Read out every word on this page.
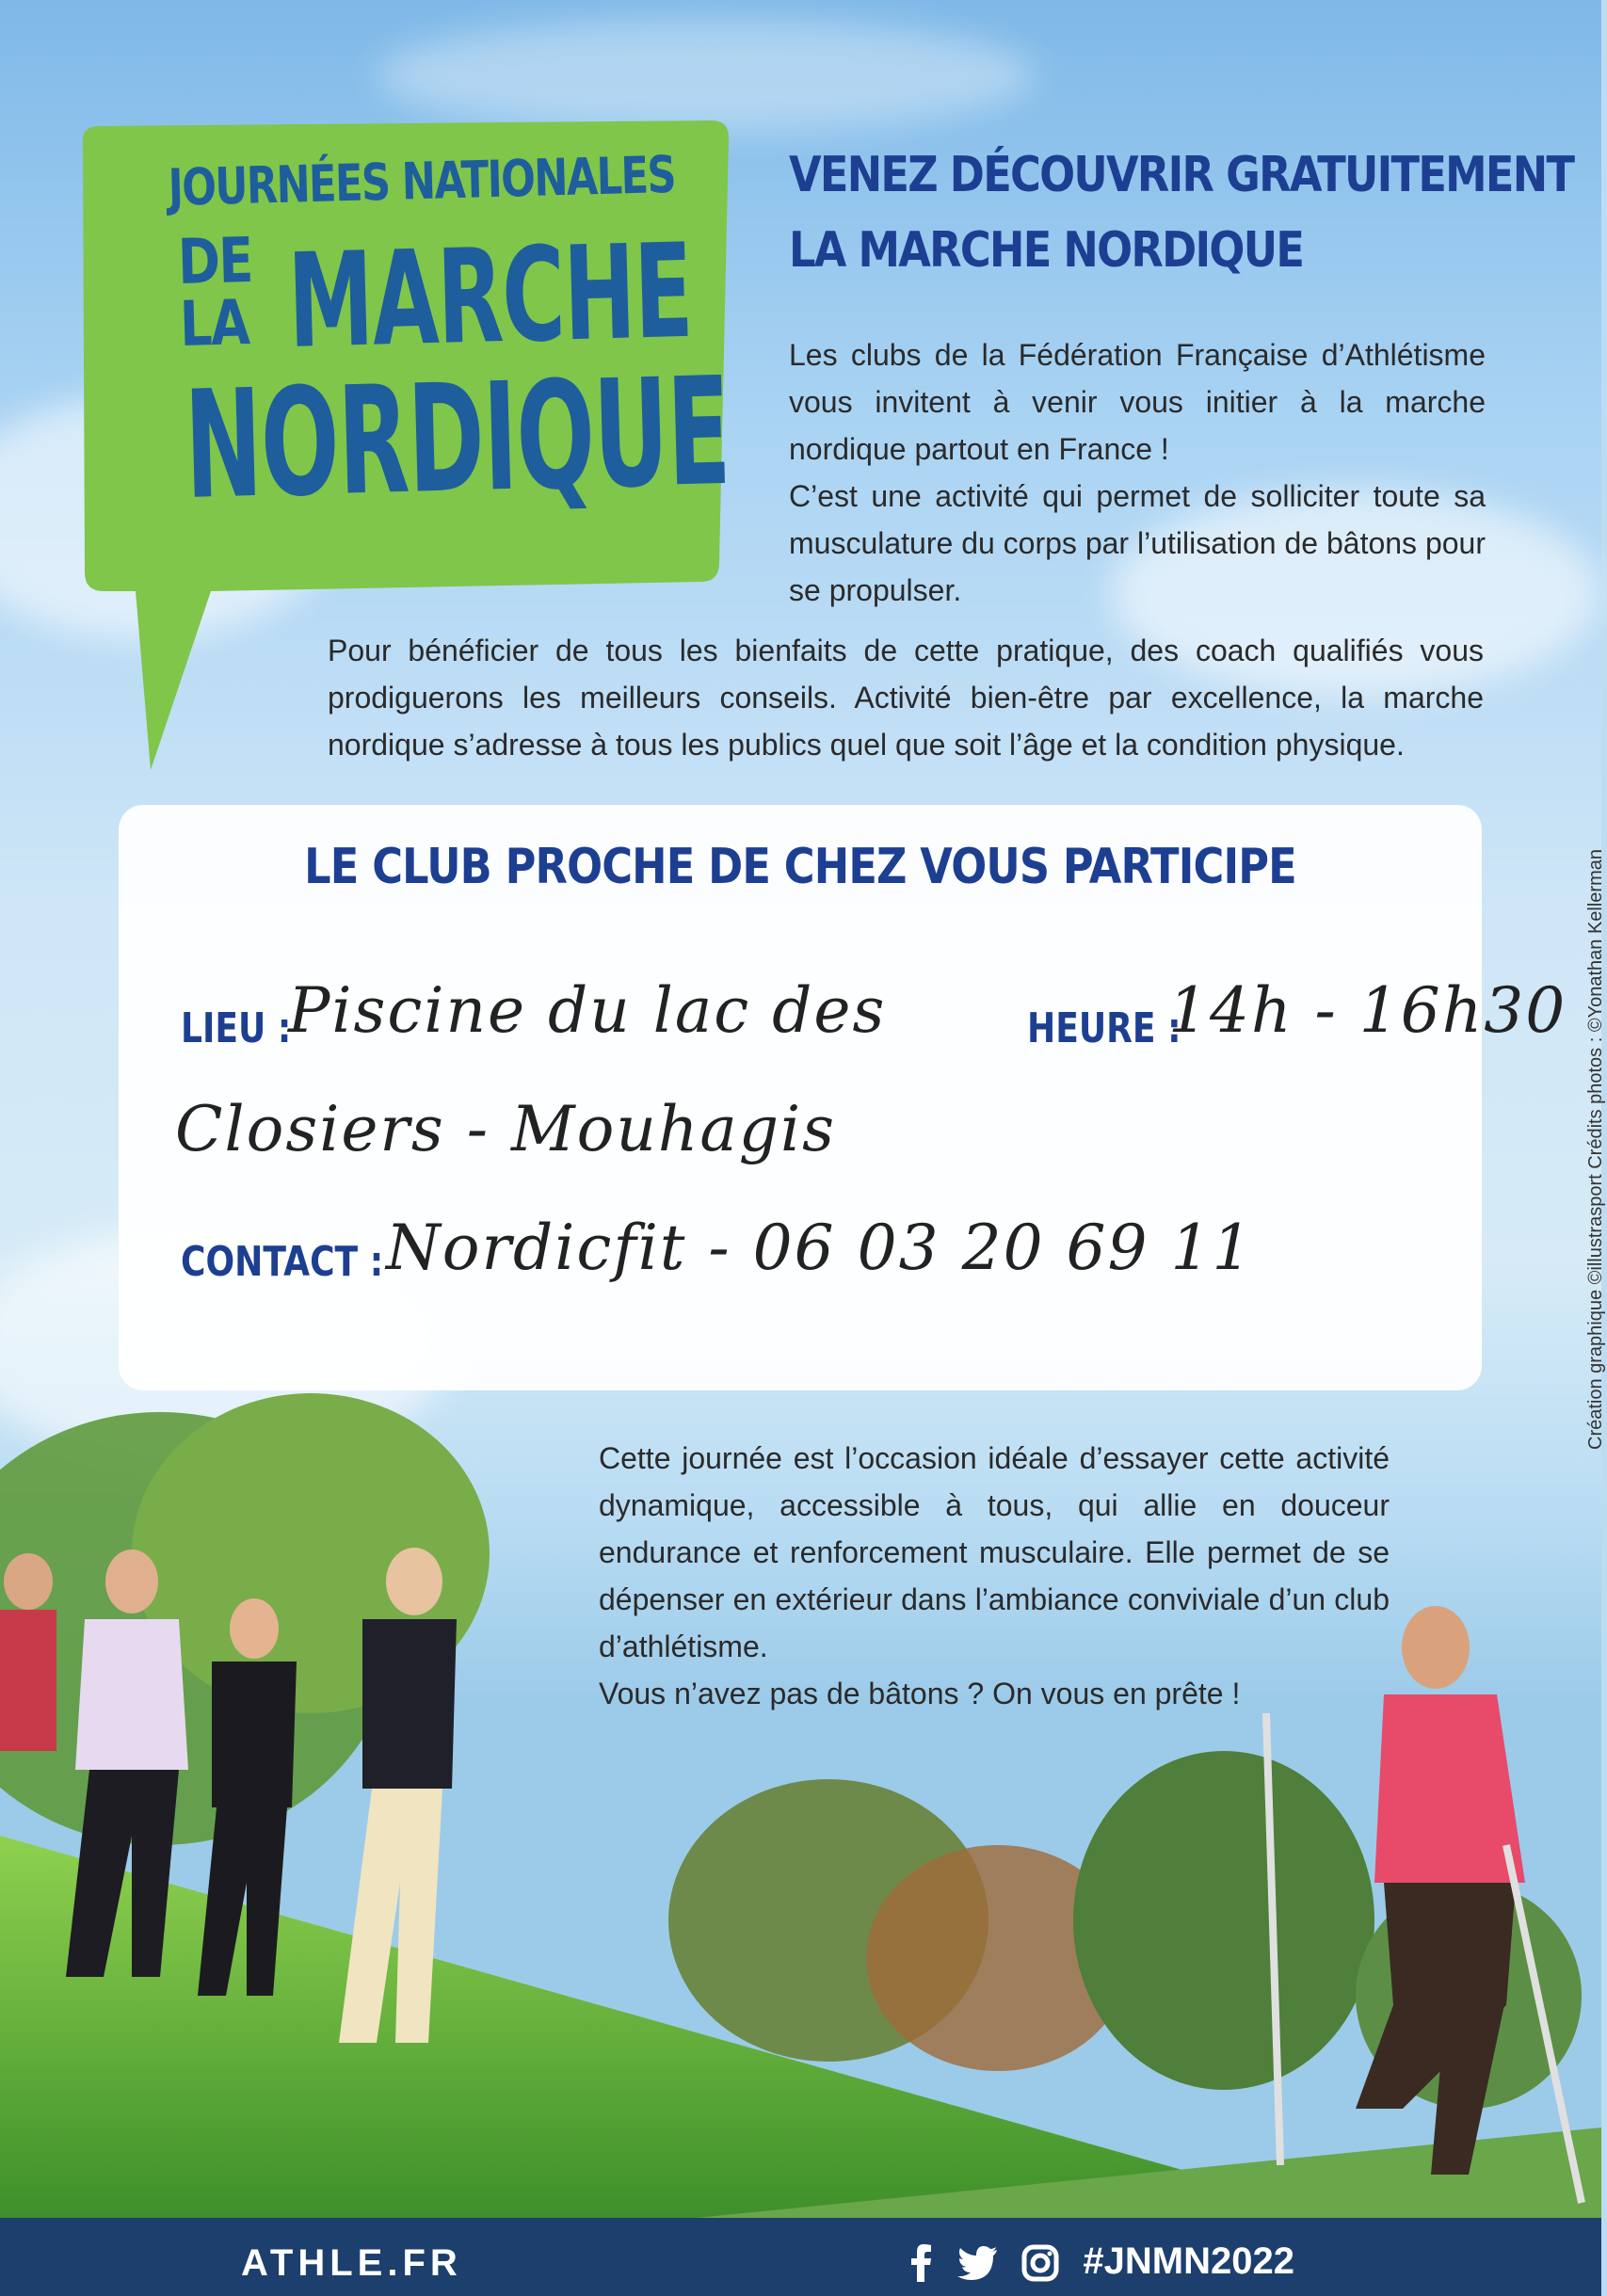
JOURNÉES NATIONALES
DE
LA MARCHE
NORDIQUE
VENEZ DÉCOUVRIR GRATUITEMENT
LA MARCHE NORDIQUE

Les clubs de la Fédération Française d’Athlétisme vous invitent à venir vous initier à la marche nordique partout en France !

C’est une activité qui permet de solliciter toute sa musculature du corps par l’utilisation de bâtons pour se propulser.

Pour bénéficier de tous les bienfaits de cette pratique, des coach qualifiés vous prodiguerons les meilleurs conseils. Activité bien-être par excellence, la marche nordique s’adresse à tous les publics quel que soit l’âge et la condition physique.

LE CLUB PROCHE DE CHEZ VOUS PARTICIPE
LIEU :
Piscine du lac des	HEURE :
14h - 16h30
Closiers - Mouhagis
CONTACT : Nordicfit - 06 03 20 69 11

Cette journée est l’occasion idéale d’essayer cette activité dynamique, accessible à tous, qui allie en douceur endurance et renforcement musculaire. Elle permet de se dépenser en extérieur dans l’ambiance conviviale d’un club d’athlétisme.

Vous n’avez pas de bâtons ? On vous en prête !

Création graphique ©illustrasport Crédits photos : ©Yonathan Kellerman
ATHLE.FR	#JNMN2022
